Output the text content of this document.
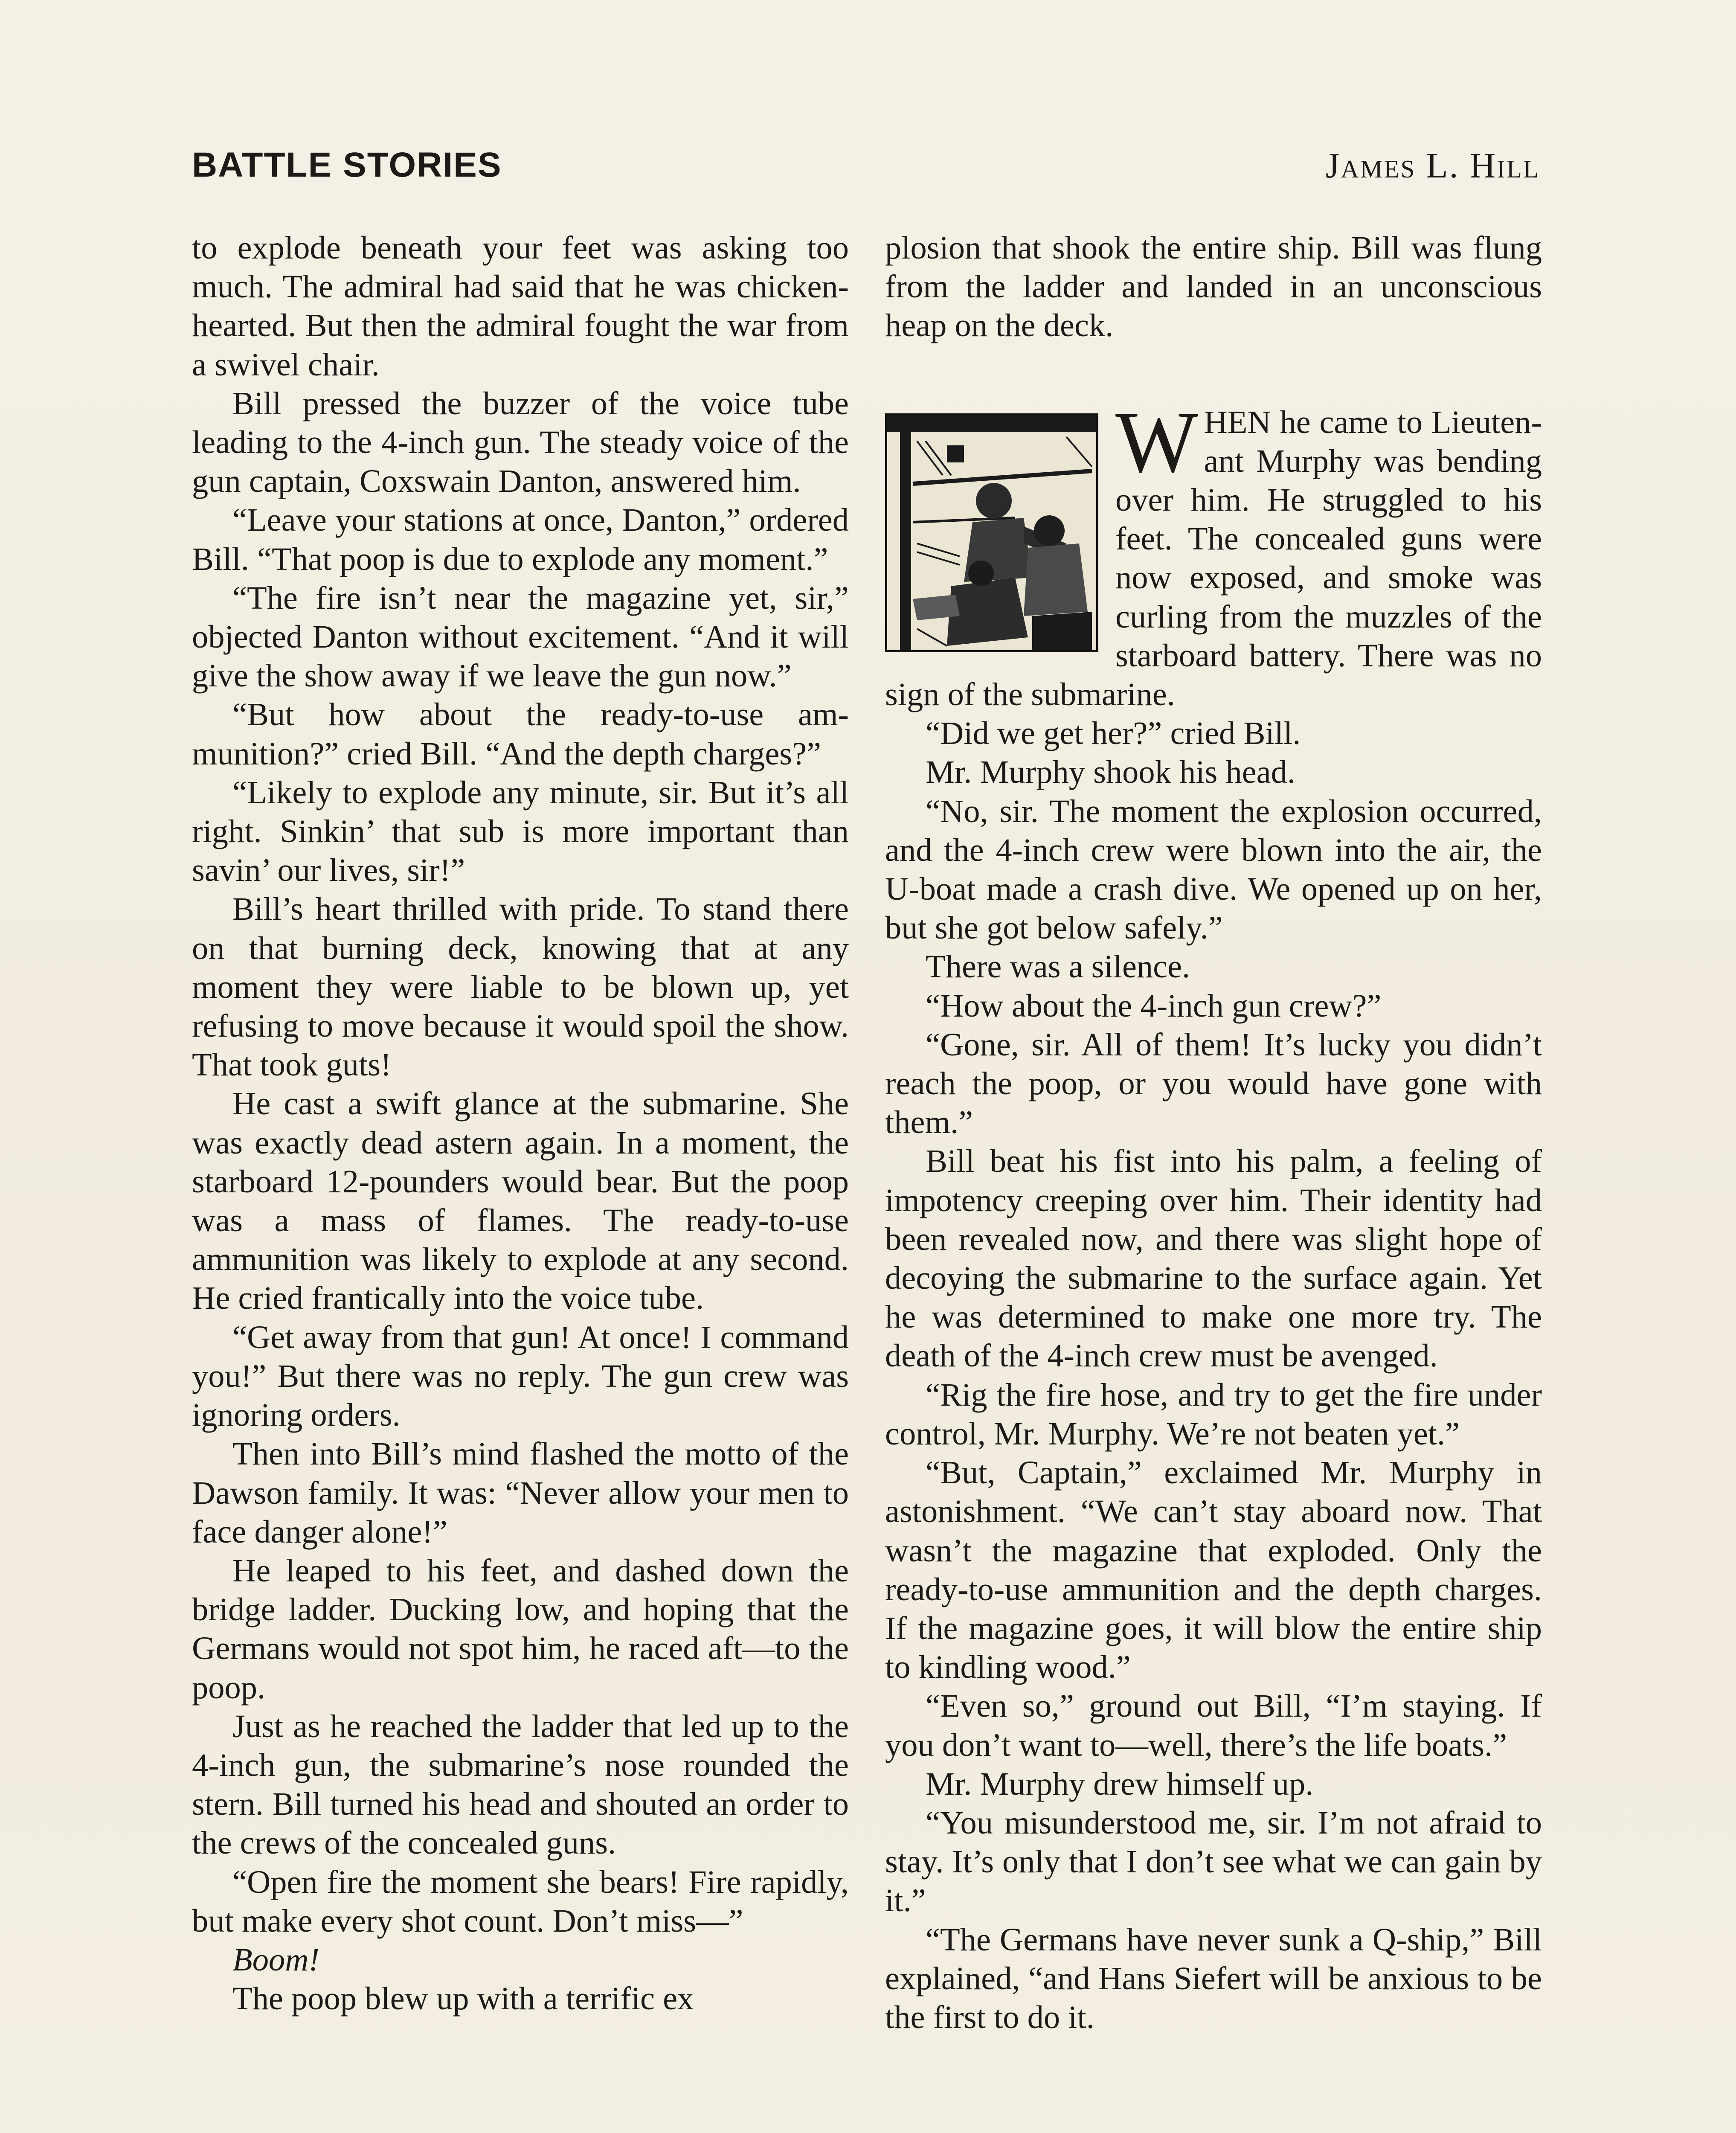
BATTLE STORIES	James L. Hill

to explode beneath your feet was asking too much. The admiral had said that he was chicken-hearted. But then the admiral fought the war from a swivel chair.

Bill pressed the buzzer of the voice tube leading to the 4-inch gun. The steady voice of the gun captain, Coxswain Danton, answered him.

“Leave your stations at once, Danton,” ordered Bill. “That poop is due to explode any moment.”

“The fire isn’t near the magazine yet, sir,” objected Danton without excitement. “And it will give the show away if we leave the gun now.”

“But how about the ready-to-use ammunition?” cried Bill. “And the depth charges?”

“Likely to explode any minute, sir. But it’s all right. Sinkin’ that sub is more important than savin’ our lives, sir!”

Bill’s heart thrilled with pride. To stand there on that burning deck, knowing that at any moment they were liable to be blown up, yet refusing to move because it would spoil the show. That took guts!

He cast a swift glance at the submarine. She was exactly dead astern again. In a moment, the starboard 12-pounders would bear. But the poop was a mass of flames. The ready-to-use ammunition was likely to explode at any second. He cried frantically into the voice tube.

“Get away from that gun! At once! I command you!” But there was no reply. The gun crew was ignoring orders.

Then into Bill’s mind flashed the motto of the Dawson family. It was: “Never allow your men to face danger alone!”

He leaped to his feet, and dashed down the bridge ladder. Ducking low, and hoping that the Germans would not spot him, he raced aft—to the poop.

Just as he reached the ladder that led up to the 4-inch gun, the submarine’s nose rounded the stern. Bill turned his head and shouted an order to the crews of the concealed guns.

“Open fire the moment she bears! Fire rapidly, but make every shot count. Don’t miss—”

Boom!

The poop blew up with a terrific ex

plosion that shook the entire ship. Bill was flung from the ladder and landed in an unconscious heap on the deck.

WHEN he came to Lieutenant Murphy was bending over him. He struggled to his feet. The concealed guns were now exposed, and smoke was curling from the muzzles of the starboard battery. There was no sign of the submarine.

“Did we get her?” cried Bill.

Mr. Murphy shook his head.

“No, sir. The moment the explosion occurred, and the 4-inch crew were blown into the air, the U-boat made a crash dive. We opened up on her, but she got below safely.”

There was a silence.

“How about the 4-inch gun crew?”

“Gone, sir. All of them! It’s lucky you didn’t reach the poop, or you would have gone with them.”

Bill beat his fist into his palm, a feeling of impotency creeping over him. Their identity had been revealed now, and there was slight hope of decoying the submarine to the surface again. Yet he was determined to make one more try. The death of the 4-inch crew must be avenged.

“Rig the fire hose, and try to get the fire under control, Mr. Murphy. We’re not beaten yet.”

“But, Captain,” exclaimed Mr. Murphy in astonishment. “We can’t stay aboard now. That wasn’t the magazine that exploded. Only the ready-to-use ammunition and the depth charges. If the magazine goes, it will blow the entire ship to kindling wood.”

“Even so,” ground out Bill, “I’m staying. If you don’t want to—well, there’s the life boats.”

Mr. Murphy drew himself up.

“You misunderstood me, sir. I’m not afraid to stay. It’s only that I don’t see what we can gain by it.”

“The Germans have never sunk a Q-ship,” Bill explained, “and Hans Siefert will be anxious to be the first to do it.
